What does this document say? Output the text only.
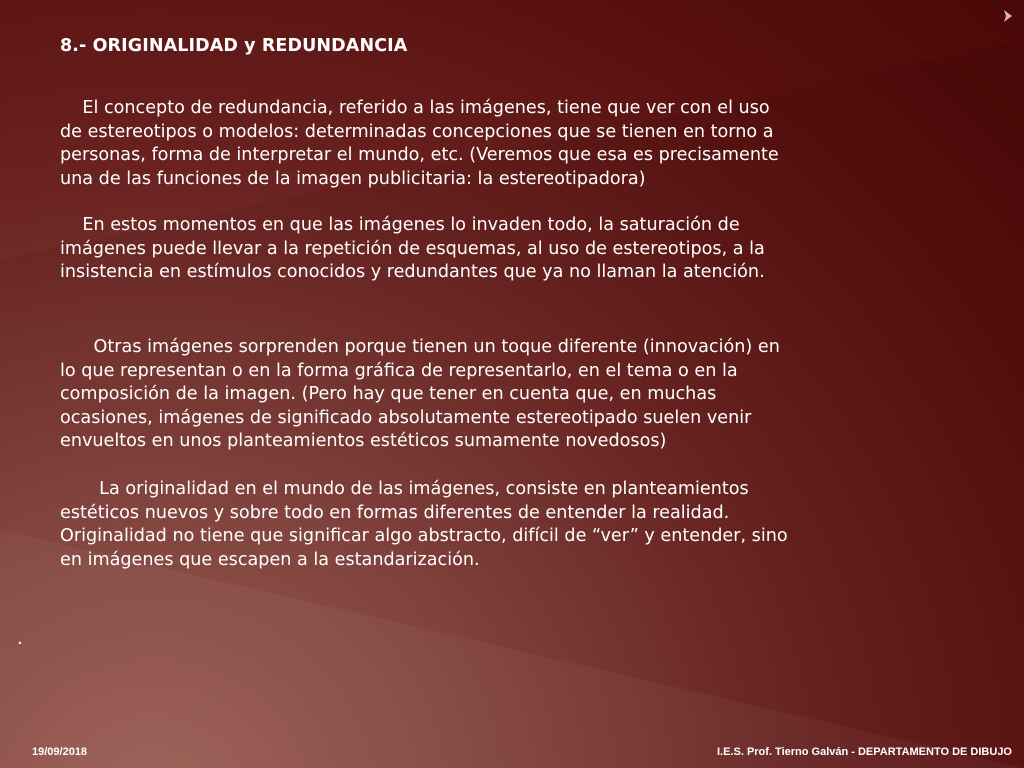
8.- ORIGINALIDAD y REDUNDANCIA
El concepto de redundancia, referido a las imágenes, tiene que ver con el uso
de estereotipos o modelos: determinadas concepciones que se tienen en torno a
personas, forma de interpretar el mundo, etc. (Veremos que esa es precisamente
una de las funciones de la imagen publicitaria: la estereotipadora)
En estos momentos en que las imágenes lo invaden todo, la saturación de
imágenes puede llevar a la repetición de esquemas, al uso de estereotipos, a la
insistencia en estímulos conocidos y redundantes que ya no llaman la atención.
Otras imágenes sorprenden porque tienen un toque diferente (innovación) en
lo que representan o en la forma gráfica de representarlo, en el tema o en la
composición de la imagen. (Pero hay que tener en cuenta que, en muchas
ocasiones, imágenes de significado absolutamente estereotipado suelen venir
envueltos en unos planteamientos estéticos sumamente novedosos)
La originalidad en el mundo de las imágenes, consiste en planteamientos
estéticos nuevos y sobre todo en formas diferentes de entender la realidad.
Originalidad no tiene que significar algo abstracto, difícil de “ver” y entender, sino
en imágenes que escapen a la estandarización.
.
19/09/2018	I.E.S. Prof. Tierno Galván - DEPARTAMENTO DE DIBUJO
